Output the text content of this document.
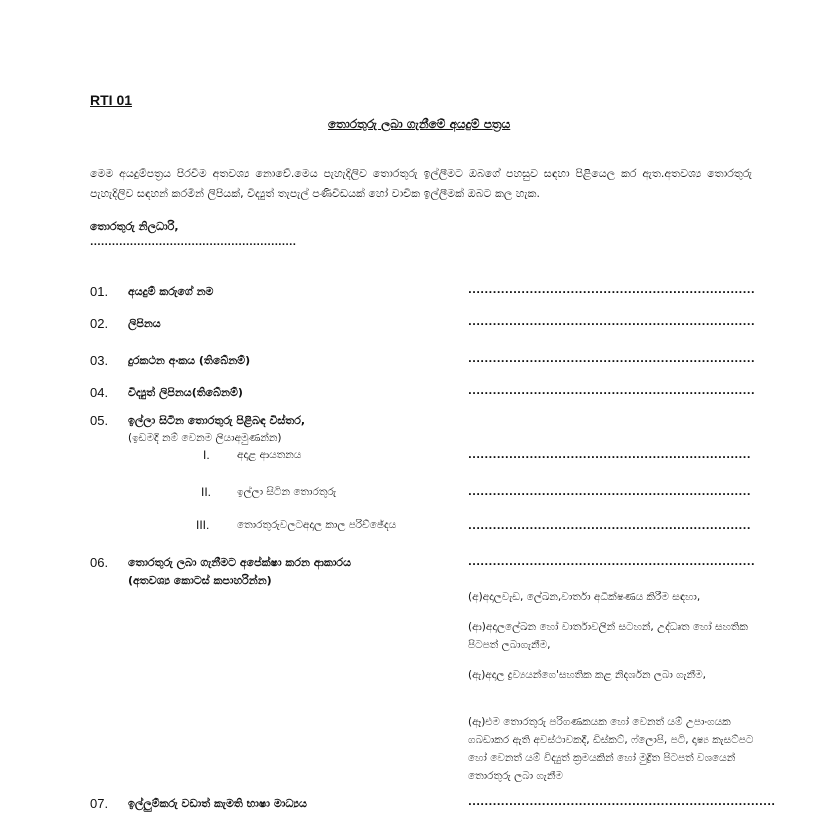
RTI 01
තොරතුරු ලබා ගැනීමේ අයදුම් පත්‍රය
මෙම අයදුම්පත්‍රය පිරවීම අතවශ්‍ය නොවේ.මෙය පැහැදිලිව තොරතුරු ඉල්ලීමට ඔබගේ පහසුව සඳහා පිළියෙල කර ඇත.අතවශ්‍ය තොරතුරු පැහැදිලිව සඳහන් කරමින් ලිපියක්, විද්‍යුත් තැපැල් පණිවිඩයක් හෝ වාචික ඉල්ලීමක් ඔබට කල හැක.
තොරතුරු නිලධාරි,
.........................................................
01. අයදුම් කරුගේ නම	......................................................................
02. ලිපිනය	......................................................................
03. දුරකථන අංකය (තිබේනම්)	......................................................................
04. විද්‍යුත් ලිපිනය(තිබේනම්)	......................................................................
05. ඉල්ලා සිටින තොරතුරු පිළිබඳ විස්තර,
(ඉඩමදි නම් වෙනම ලියාඅමුණන්න)
I.	අදාළ ආයතනය	.....................................................................
II. ඉල්ලා සිටින තොරතුරු	.....................................................................
III.	තොරතුරුවලටඅදාල කාල පරිච්ඡේදය	.....................................................................
06. තොරතුරු ලබා ගැනීමට අපේක්ෂා කරන ආකාරය
(අතවශ්‍ය කොටස් කපාහරින්න)
......................................................................
(අ)අදාලවැඩ, ලේඛන,වාර්තා අධීක්ෂණය කිරීම සඳහා,
(ආ)අදාලලේඛන හෝ වාර්තාවලින් සටහන්, උද්ධෘත හෝ සහතික පිටපත් ලබාගැනීම,
(ඇ)අදාල ද්‍රව්‍යයන්ගෙ'සහතික කළ නිදර්ශන ලබා ගැනීම,
(ඈ)එම තොරතුරු පරිගණකයක හෝ වෙනත් යම් උපාංගයක ගබඩාකර ඇති අවස්ථාවකදී, ඩිස්කට්, ෆ්ලොපි, පටි, දෘෂ්‍ය කැසට්පට හෝ වෙනත් යම් විද්‍යුත් ක්‍රමයකින් හෝ මුද්‍රිත පිටපත් වශයෙන් තොරතුරු ලබා ගැනීම
07. ඉල්ලුම්කරු වඩාත් කැමති භාෂා මාධ්‍යය	...........................................................................
